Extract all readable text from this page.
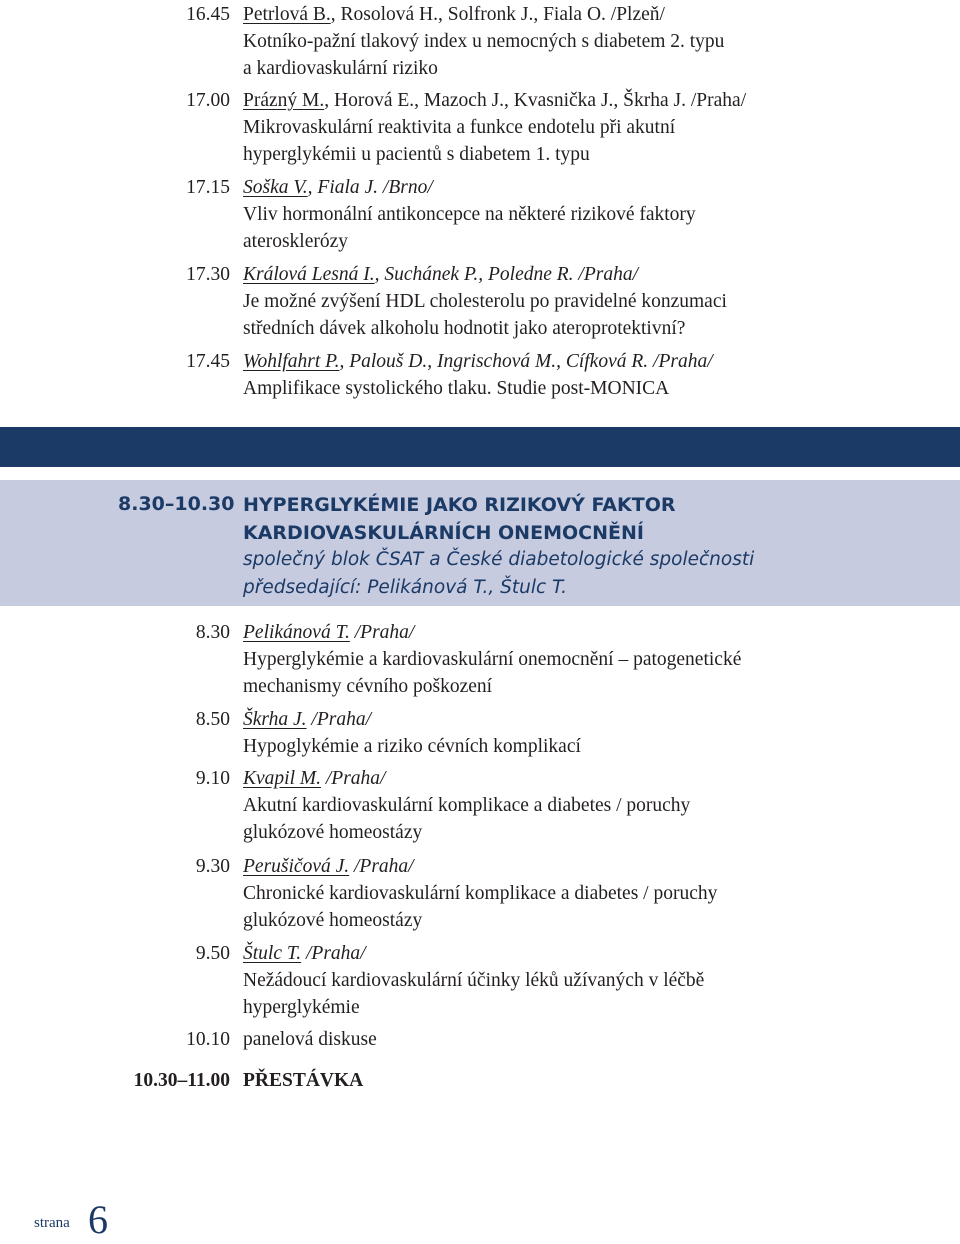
16.45 Petrlová B., Rosolová H., Solfronk J., Fiala O. /Plzeň/
Kotníko-pažní tlakový index u nemocných s diabetem 2. typu
a kardiovaskulární riziko
17.00 Prázný M., Horová E., Mazoch J., Kvasnička J., Škrha J. /Praha/
Mikrovaskulární reaktivita a funkce endotelu při akutní
hyperglykémii u pacientů s diabetem 1. typu
17.15 Soška V., Fiala J. /Brno/
Vliv hormonální antikoncepce na některé rizikové faktory
aterosklerózy
17.30 Králová Lesná I., Suchánek P., Poledne R. /Praha/
Je možné zvýšení HDL cholesterolu po pravidelné konzumaci
středních dávek alkoholu hodnotit jako ateroprotektivní?
17.45 Wohlfahrt P., Palouš D., Ingrischová M., Cífková R. /Praha/
Amplifikace systolického tlaku. Studie post-MONICA
PÁTEK 12. 12. 2008
8.30–10.30 HYPERGLYKÉMIE JAKO RIZIKOVÝ FAKTOR
KARDIOVASKULÁRNÍCH ONEMOCNĚNÍ
společný blok ČSAT a České diabetologické společnosti
předsedající: Pelikánová T., Štulc T.
8.30 Pelikánová T. /Praha/
Hyperglykémie a kardiovaskulární onemocnění – patogenetické
mechanismy cévního poškození
8.50 Škrha J. /Praha/
Hypoglykémie a riziko cévních komplikací
9.10 Kvapil M. /Praha/
Akutní kardiovaskulární komplikace a diabetes / poruchy
glukózové homeostázy
9.30 Perušičová J. /Praha/
Chronické kardiovaskulární komplikace a diabetes / poruchy
glukózové homeostázy
9.50 Štulc T. /Praha/
Nežádoucí kardiovaskulární účinky léků užívaných v léčbě
hyperglykémie
10.10 panelová diskuse
10.30–11.00 PŘESTÁVKA
strana 6
